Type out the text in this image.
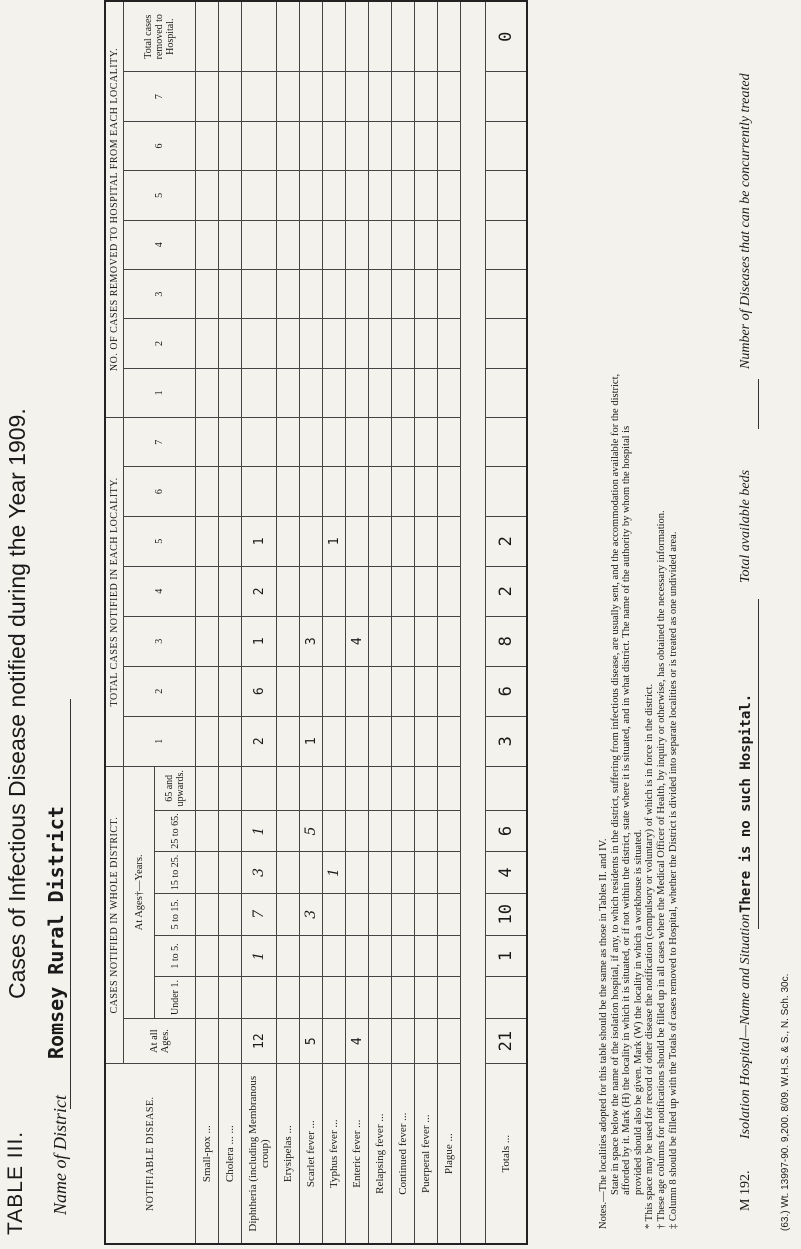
TABLE III.
Cases of Infectious Disease notified during the Year 1909.
Name of District
Romsey Rural District
NOTIFIABLE DISEASE.	CASES NOTIFIED IN WHOLE DISTRICT.							TOTAL CASES NOTIFIED IN EACH LOCALITY.							NO. OF CASES REMOVED TO HOSPITAL FROM EACH LOCALITY.							
	At all Ages.	At Ages†—Years.						1	2	3	4	5	6	7	1	2	3	4	5	6	7	Total cases removed to Hospital.
		Under 1.	1 to 5.	5 to 15.	15 to 25.	25 to 65.	65 and upwards.															
Small-pox ...																						
Cholera ... ...																						
Diphtheria (including Membranous croup)	12		1	7	3	1		2	6	1	2	1										
Erysipelas ...																						
Scarlet fever ...	5			3		5		1		3												
Typhus fever ...					1							1										
Enteric fever ...	4									4												
Relapsing fever ...																						
Continued fever ...																						
Puerperal fever ...																						
Plague ...																						

Totals ...	21		1	10	4	6		3	6	8	2	2										0

Notes.—The localities adopted for this table should be the same as those in Tables II. and IV. State in space below the name of the isolation hospital, if any, to which residents in the district, suffering from infectious disease, are usually sent, and the accommodation available for the district, afforded by it. Mark (H) the locality in which it is situated, or if not within the district, state where it is situated, and in what district. The name of the authority by whom the hospital is provided should also be given. Mark (W) the locality in which a workhouse is situated. * This space may be used for record of other disease the notification (compulsory or voluntary) of which is in force in the district. † These age columns for notifications should be filled up in all cases where the Medical Officer of Health, by inquiry or otherwise, has obtained the necessary information. ‡ Column 8 should be filled up with the Totals of cases removed to Hospital, whether the District is divided into separate localities or is treated as one undivided area.	M 192.
Isolation Hospital—Name and Situation
There is no such Hospital.
Total available beds
Number of Diseases that can be concurrently treated
(63.) Wt. 13997-90. 9,200. 8/09. W.H.S. & S., N. Sch. 30c.
